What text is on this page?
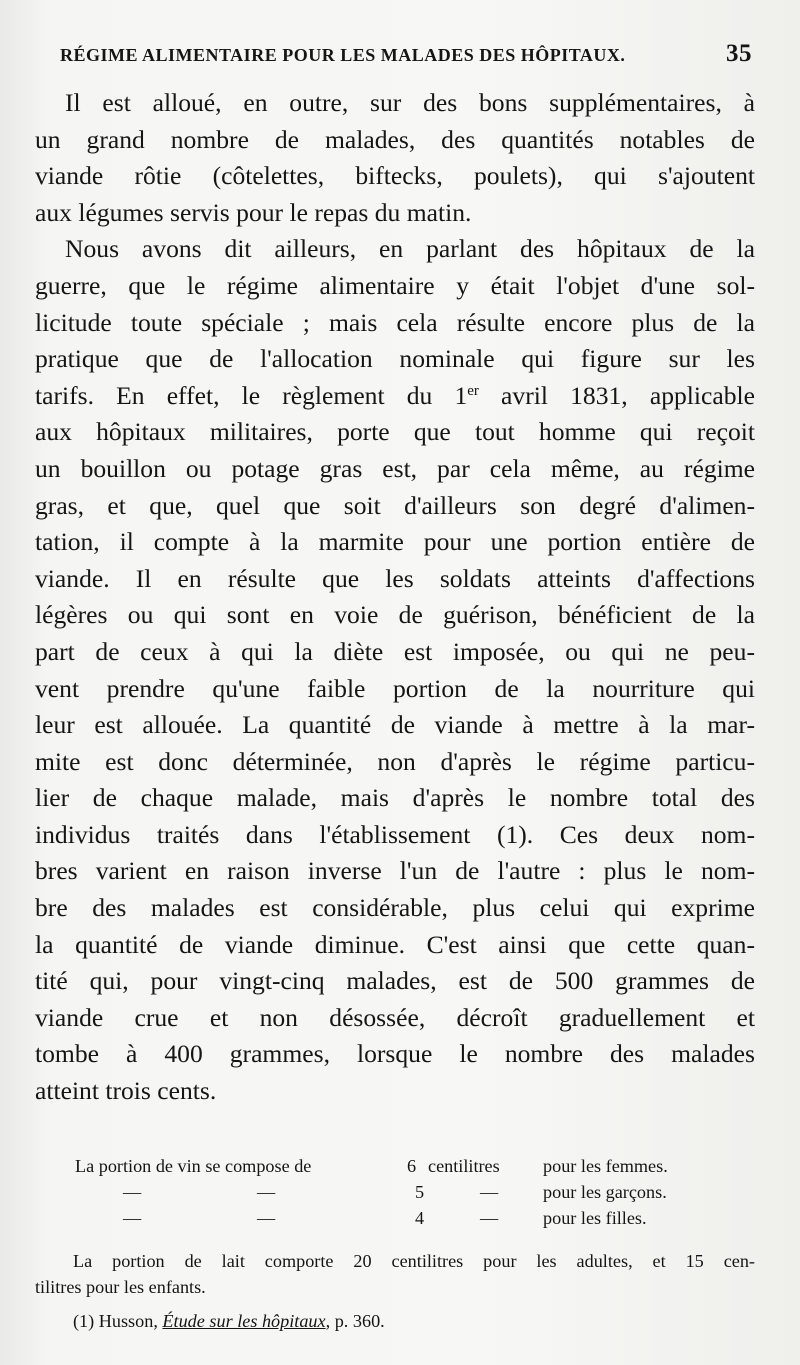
RÉGIME ALIMENTAIRE POUR LES MALADES DES HÔPITAUX.	35
Il est alloué, en outre, sur des bons supplémentaires, à
un grand nombre de malades, des quantités notables de
viande rôtie (côtelettes, biftecks, poulets), qui s'ajoutent
aux légumes servis pour le repas du matin.
Nous avons dit ailleurs, en parlant des hôpitaux de la
guerre, que le régime alimentaire y était l'objet d'une sol-
licitude toute spéciale ; mais cela résulte encore plus de la
pratique que de l'allocation nominale qui figure sur les
tarifs. En effet, le règlement du 1er avril 1831, applicable
aux hôpitaux militaires, porte que tout homme qui reçoit
un bouillon ou potage gras est, par cela même, au régime
gras, et que, quel que soit d'ailleurs son degré d'alimen-
tation, il compte à la marmite pour une portion entière de
viande. Il en résulte que les soldats atteints d'affections
légères ou qui sont en voie de guérison, bénéficient de la
part de ceux à qui la diète est imposée, ou qui ne peu-
vent prendre qu'une faible portion de la nourriture qui
leur est allouée. La quantité de viande à mettre à la mar-
mite est donc déterminée, non d'après le régime particu-
lier de chaque malade, mais d'après le nombre total des
individus traités dans l'établissement (1). Ces deux nom-
bres varient en raison inverse l'un de l'autre : plus le nom-
bre des malades est considérable, plus celui qui exprime
la quantité de viande diminue. C'est ainsi que cette quan-
tité qui, pour vingt-cinq malades, est de 500 grammes de
viande crue et non désossée, décroît graduellement et
tombe à 400 grammes, lorsque le nombre des malades
atteint trois cents.
La portion de vin se compose de	6 centilitres pour les femmes.
—	—	5	— pour les garçons.
—	—	4	— pour les filles.
La portion de lait comporte 20 centilitres pour les adultes, et 15 cen-
tilitres pour les enfants.
(1) Husson, Étude sur les hôpitaux, p. 360.
